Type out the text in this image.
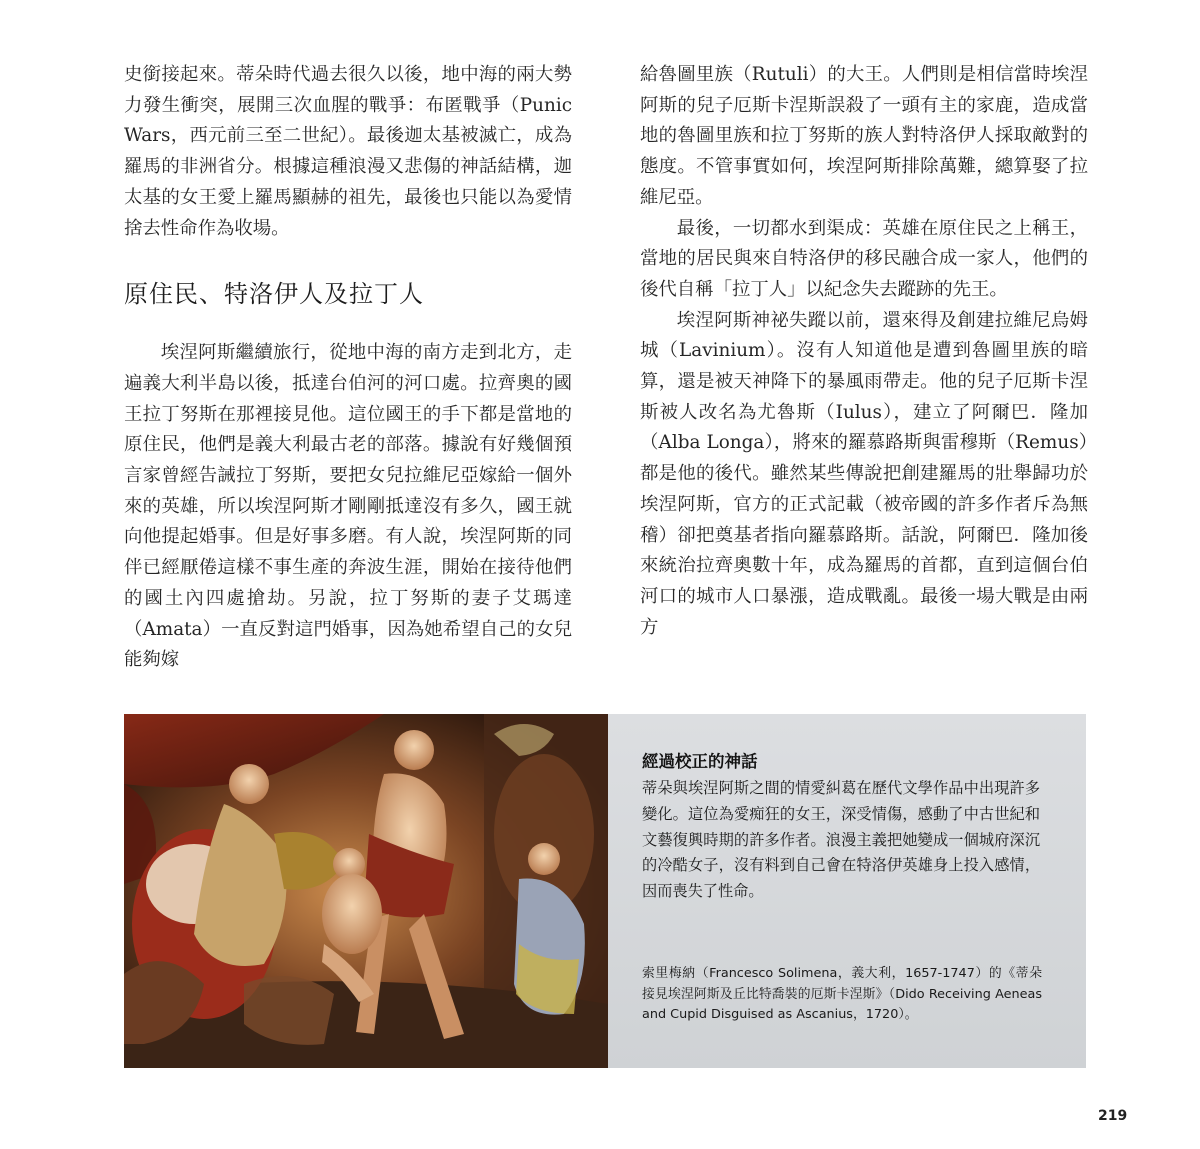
史銜接起來。蒂朵時代過去很久以後，地中海的兩大勢力發生衝突，展開三次血腥的戰爭：布匿戰爭（Punic Wars，西元前三至二世紀）。最後迦太基被滅亡，成為羅馬的非洲省分。根據這種浪漫又悲傷的神話結構，迦太基的女王愛上羅馬顯赫的祖先，最後也只能以為愛情捨去性命作為收場。

原住民、特洛伊人及拉丁人

埃涅阿斯繼續旅行，從地中海的南方走到北方，走遍義大利半島以後，抵達台伯河的河口處。拉齊奧的國王拉丁努斯在那裡接見他。這位國王的手下都是當地的原住民，他們是義大利最古老的部落。據說有好幾個預言家曾經告誡拉丁努斯，要把女兒拉維尼亞嫁給一個外來的英雄，所以埃涅阿斯才剛剛抵達沒有多久，國王就向他提起婚事。但是好事多磨。有人說，埃涅阿斯的同伴已經厭倦這樣不事生產的奔波生涯，開始在接待他們的國土內四處搶劫。另說，拉丁努斯的妻子艾瑪達（Amata）一直反對這門婚事，因為她希望自己的女兒能夠嫁

給魯圖里族（Rutuli）的大王。人們則是相信當時埃涅阿斯的兒子厄斯卡涅斯誤殺了一頭有主的家鹿，造成當地的魯圖里族和拉丁努斯的族人對特洛伊人採取敵對的態度。不管事實如何，埃涅阿斯排除萬難，總算娶了拉維尼亞。

最後，一切都水到渠成：英雄在原住民之上稱王，當地的居民與來自特洛伊的移民融合成一家人，他們的後代自稱「拉丁人」以紀念失去蹤跡的先王。

埃涅阿斯神祕失蹤以前，還來得及創建拉維尼烏姆城（Lavinium）。沒有人知道他是遭到魯圖里族的暗算，還是被天神降下的暴風雨帶走。他的兒子厄斯卡涅斯被人改名為尤魯斯（Iulus），建立了阿爾巴．隆加（Alba Longa），將來的羅慕路斯與雷穆斯（Remus）都是他的後代。雖然某些傳說把創建羅馬的壯舉歸功於埃涅阿斯，官方的正式記載（被帝國的許多作者斥為無稽）卻把奠基者指向羅慕路斯。話說，阿爾巴．隆加後來統治拉齊奧數十年，成為羅馬的首都，直到這個台伯河口的城市人口暴漲，造成戰亂。最後一場大戰是由兩方

經過校正的神話

蒂朵與埃涅阿斯之間的情愛糾葛在歷代文學作品中出現許多變化。這位為愛痴狂的女王，深受情傷，感動了中古世紀和文藝復興時期的許多作者。浪漫主義把她變成一個城府深沉的冷酷女子，沒有料到自己會在特洛伊英雄身上投入感情，因而喪失了性命。

索里梅納（Francesco Solimena，義大利，1657-1747）的《蒂朵接見埃涅阿斯及丘比特喬裝的厄斯卡涅斯》（Dido Receiving Aeneas and Cupid Disguised as Ascanius，1720）。

219
